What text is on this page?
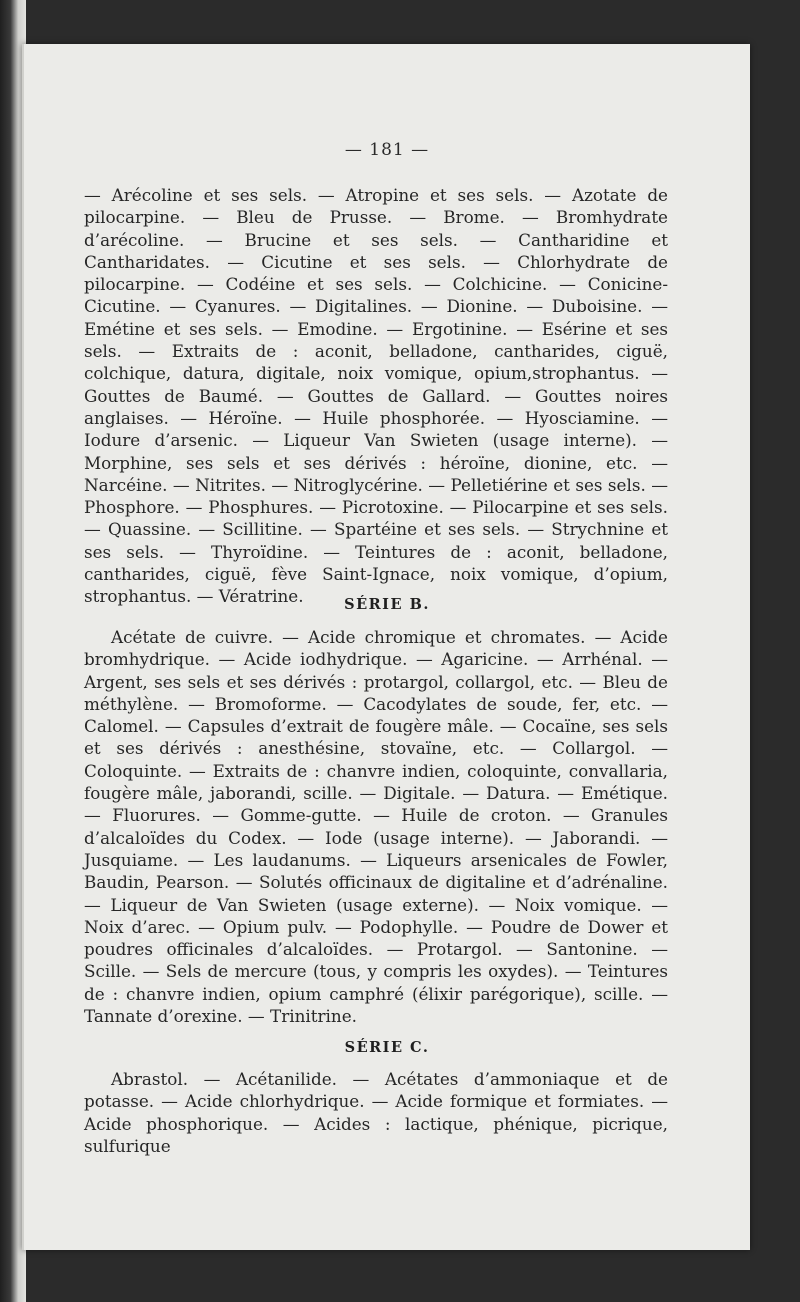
— 181 —

— Arécoline et ses sels. — Atropine et ses sels. — Azotate de pilocarpine. — Bleu de Prusse. — Brome. — Bromhydrate d’arécoline. — Brucine et ses sels. — Cantharidine et Cantharidates. — Cicutine et ses sels. — Chlorhydrate de pilocarpine. — Codéine et ses sels. — Colchicine. — Conicine-Cicutine. — Cyanures. — Digitalines. — Dionine. — Duboisine. —Emétine et ses sels. — Emodine. — Ergotinine. — Esérine et ses sels. — Extraits de : aconit, belladone, cantharides, ciguë, colchique, datura, digitale, noix vomique, opium,strophantus. — Gouttes de Baumé. — Gouttes de Gallard. — Gouttes noires anglaises. — Héroïne. — Huile phosphorée. — Hyosciamine. — Iodure d’arsenic. — Liqueur Van Swieten (usage interne). — Morphine, ses sels et ses dérivés : héroïne, dionine, etc. — Narcéine. — Nitrites. — Nitroglycérine. — Pelletiérine et ses sels. — Phosphore. — Phosphures. — Picrotoxine. — Pilocarpine et ses sels. — Quassine. — Scillitine. — Spartéine et ses sels. — Strychnine et ses sels. — Thyroïdine. — Teintures de : aconit, belladone, cantharides, ciguë, fève Saint-Ignace, noix vomique, d’opium, strophantus. — Vératrine.	SÉRIE B.

Acétate de cuivre. — Acide chromique et chromates. — Acide bromhydrique. — Acide iodhydrique. — Agaricine. — Arrhénal. — Argent, ses sels et ses dérivés : protargol, collargol, etc. — Bleu de méthylène. — Bromoforme. — Cacodylates de soude, fer, etc. — Calomel. — Capsules d’extrait de fougère mâle. — Cocaïne, ses sels et ses dérivés : anesthésine, stovaïne, etc. — Collargol. — Coloquinte. — Extraits de : chanvre indien, coloquinte, convallaria, fougère mâle, jaborandi, scille. — Digitale. — Datura. — Emétique. — Fluorures. — Gomme-gutte. — Huile de croton. — Granules d’alcaloïdes du Codex. — Iode (usage interne). — Jaborandi. — Jusquiame. — Les laudanums. — Liqueurs arsenicales de Fowler, Baudin, Pearson. — Solutés officinaux de digitaline et d’adrénaline. — Liqueur de Van Swieten (usage externe). — Noix vomique. — Noix d’arec. — Opium pulv. — Podophylle. — Poudre de Dower et poudres officinales d’alcaloïdes. — Protargol. — Santonine. — Scille. — Sels de mercure (tous, y compris les oxydes). — Teintures de : chanvre indien, opium camphré (élixir parégorique), scille. — Tannate d’orexine. — Trinitrine.

SÉRIE C.

Abrastol. — Acétanilide. — Acétates d’ammoniaque et de potasse. — Acide chlorhydrique. — Acide formique et formiates. — Acide phosphorique. — Acides : lactique, phénique, picrique, sulfurique
